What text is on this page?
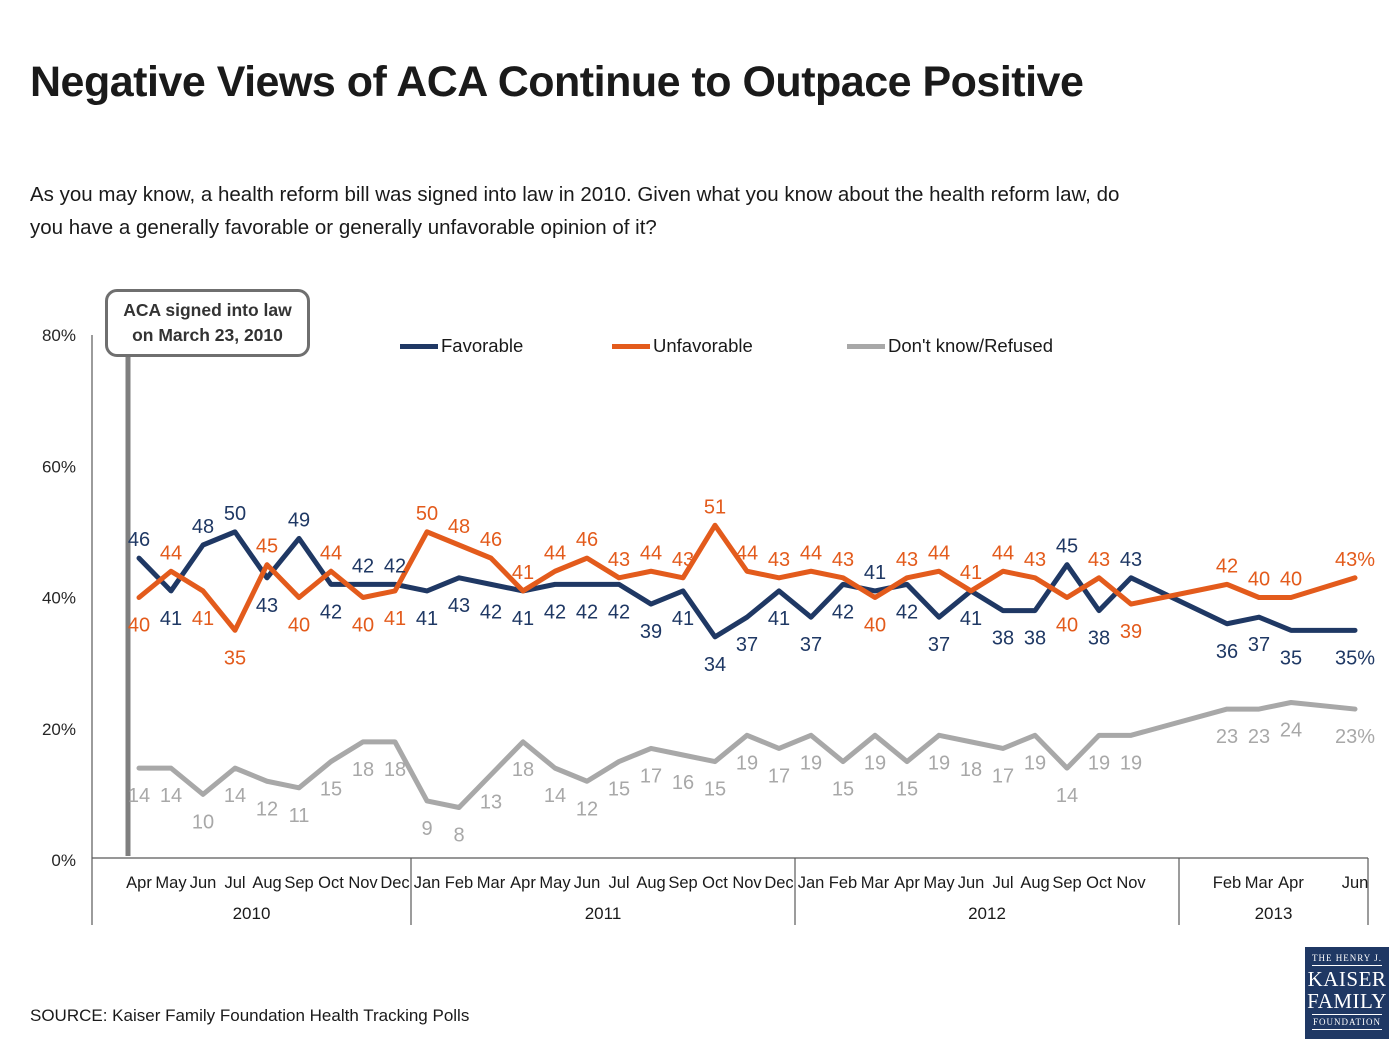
Negative Views of ACA Continue to Outpace Positive
As you may know, a health reform bill was signed into law in 2010. Given what you know about the health reform law, do
you have a generally favorable or generally unfavorable opinion of it?
80%
60%
40%
20%
0%
2010	2011	2012	2013
Apr May Jun Jul Aug Sep Oct Nov Dec Jan Feb Mar Apr May Jun Jul Aug Sep Oct Nov Dec Jan Feb Mar Apr May Jun Jul Aug Sep Oct Nov	Feb Mar Apr Jun
46
40
14
41
44
14
48
41
10
50
35
14
43
45
12
49
40
11
42
44
15
42
40
18
42
41
18
41
50
9
43
48
8
42
46
13
41
41
18
42
44
14
42
46
12
42
43
15
39
44
17
41
43
16
34
51
15
37
44
19
41
43
17
37
44
19
42
43
15
41
40
19
42
43
15
37
44
19
41
41
18
38
44
17
38
43
19
45
40
14
38
43
19
43
39
19
36
42
23
37
40
23
35
40
24
35%
43%
23%
ACA signed into law
on March 23, 2010	Favorable	Unfavorable	Don't know/Refused
SOURCE: Kaiser Family Foundation Health Tracking Polls
THE HENRY J.
KAISER
FAMILY
FOUNDATION
